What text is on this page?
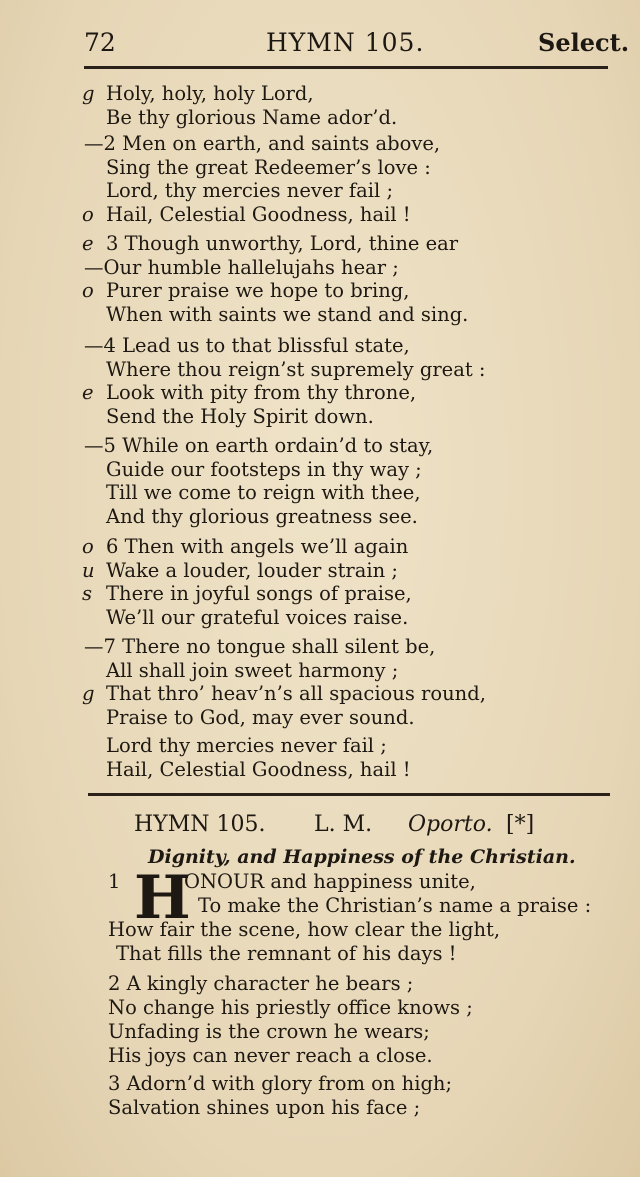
72	HYMN 105.	Select.
g Holy, holy, holy Lord,
Be thy glorious Name ador’d.
—2 Men on earth, and saints above,
Sing the great Redeemer’s love :
Lord, thy mercies never fail ;
o Hail, Celestial Goodness, hail !
e 3 Though unworthy, Lord, thine ear
—Our humble hallelujahs hear ;
o Purer praise we hope to bring,
When with saints we stand and sing.
—4 Lead us to that blissful state,
Where thou reign’st supremely great :
e Look with pity from thy throne,
Send the Holy Spirit down.
—5 While on earth ordain’d to stay,
Guide our footsteps in thy way ;
Till we come to reign with thee,
And thy glorious greatness see.
o 6 Then with angels we’ll again
u Wake a louder, louder strain ;
s There in joyful songs of praise,
We’ll our grateful voices raise.
—7 There no tongue shall silent be,
All shall join sweet harmony ;
g That thro’ heav’n’s all spacious round,
Praise to God, may ever sound.
Lord thy mercies never fail ;
Hail, Celestial Goodness, hail !
HYMN 105. L. M. Oporto. [*]
Dignity, and Happiness of the Christian.
1	ONOUR and happiness unite,
To make the Christian’s name a praise :
How fair the scene, how clear the light,
That fills the remnant of his days !
H
2 A kingly character he bears ;
No change his priestly office knows ;
Unfading is the crown he wears;
His joys can never reach a close.
3 Adorn’d with glory from on high;
Salvation shines upon his face ;
